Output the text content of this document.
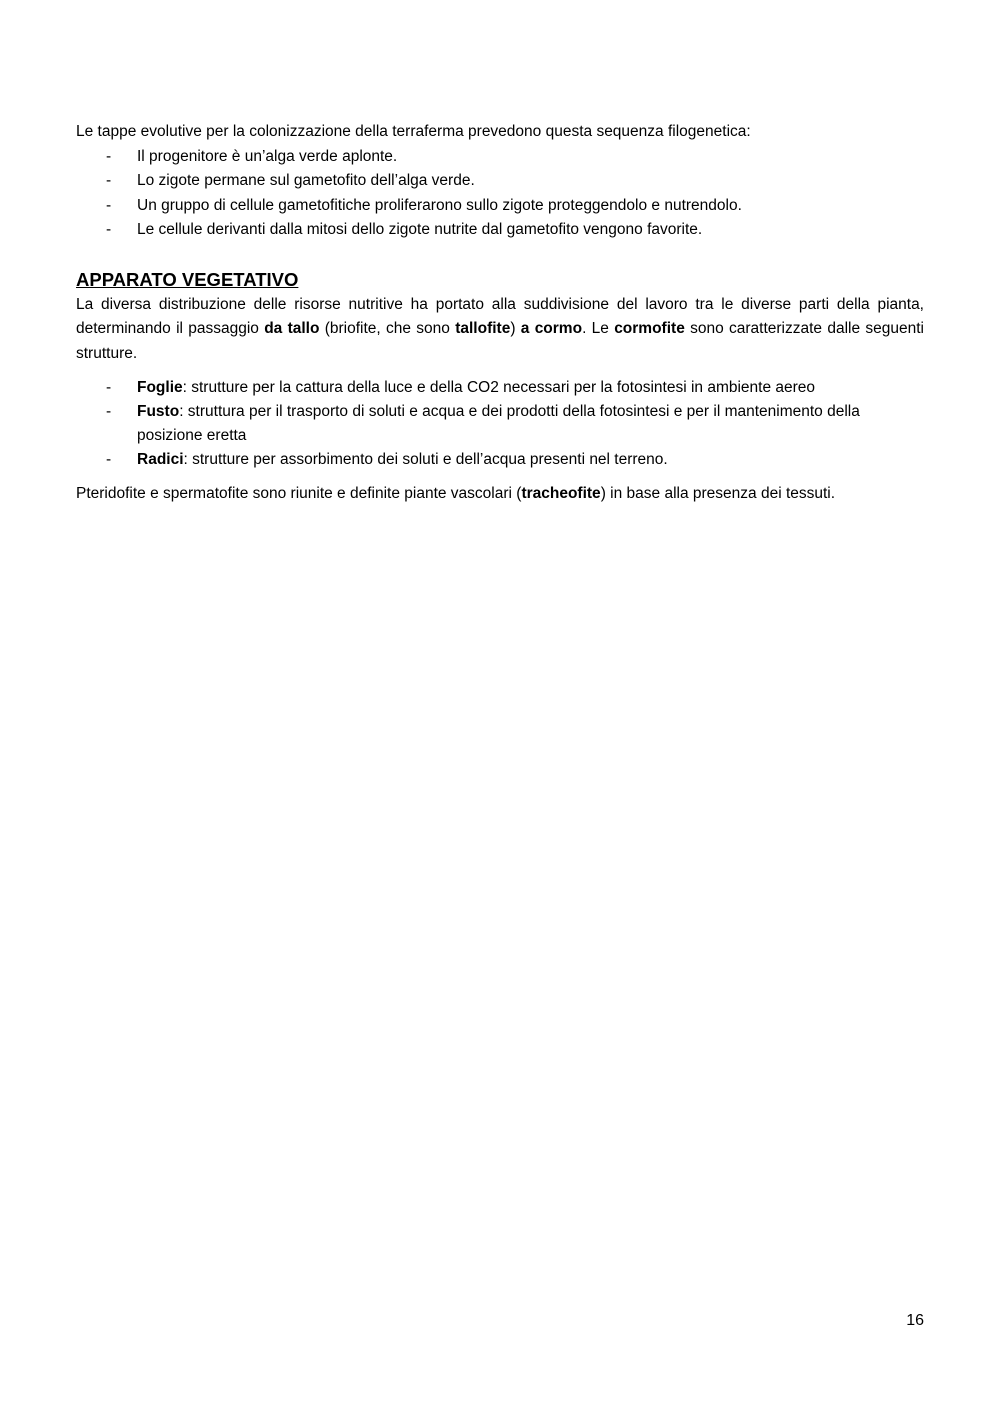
Le tappe evolutive per la colonizzazione della terraferma prevedono questa sequenza filogenetica:

- Il progenitore è un’alga verde aplonte.
- Lo zigote permane sul gametofito dell’alga verde.
- Un gruppo di cellule gametofitiche proliferarono sullo zigote proteggendolo e nutrendolo.
- Le cellule derivanti dalla mitosi dello zigote nutrite dal gametofito vengono favorite.
APPARATO VEGETATIVO

La diversa distribuzione delle risorse nutritive ha portato alla suddivisione del lavoro tra le diverse parti della pianta, determinando il passaggio da tallo (briofite, che sono tallofite) a cormo. Le cormofite sono caratterizzate dalle seguenti strutture.

- Foglie: strutture per la cattura della luce e della CO2 necessari per la fotosintesi in ambiente aereo
- Fusto: struttura per il trasporto di soluti e acqua e dei prodotti della fotosintesi e per il mantenimento della posizione eretta
- Radici: strutture per assorbimento dei soluti e dell’acqua presenti nel terreno.

Pteridofite e spermatofite sono riunite e definite piante vascolari (tracheofite) in base alla presenza dei tessuti.

16
